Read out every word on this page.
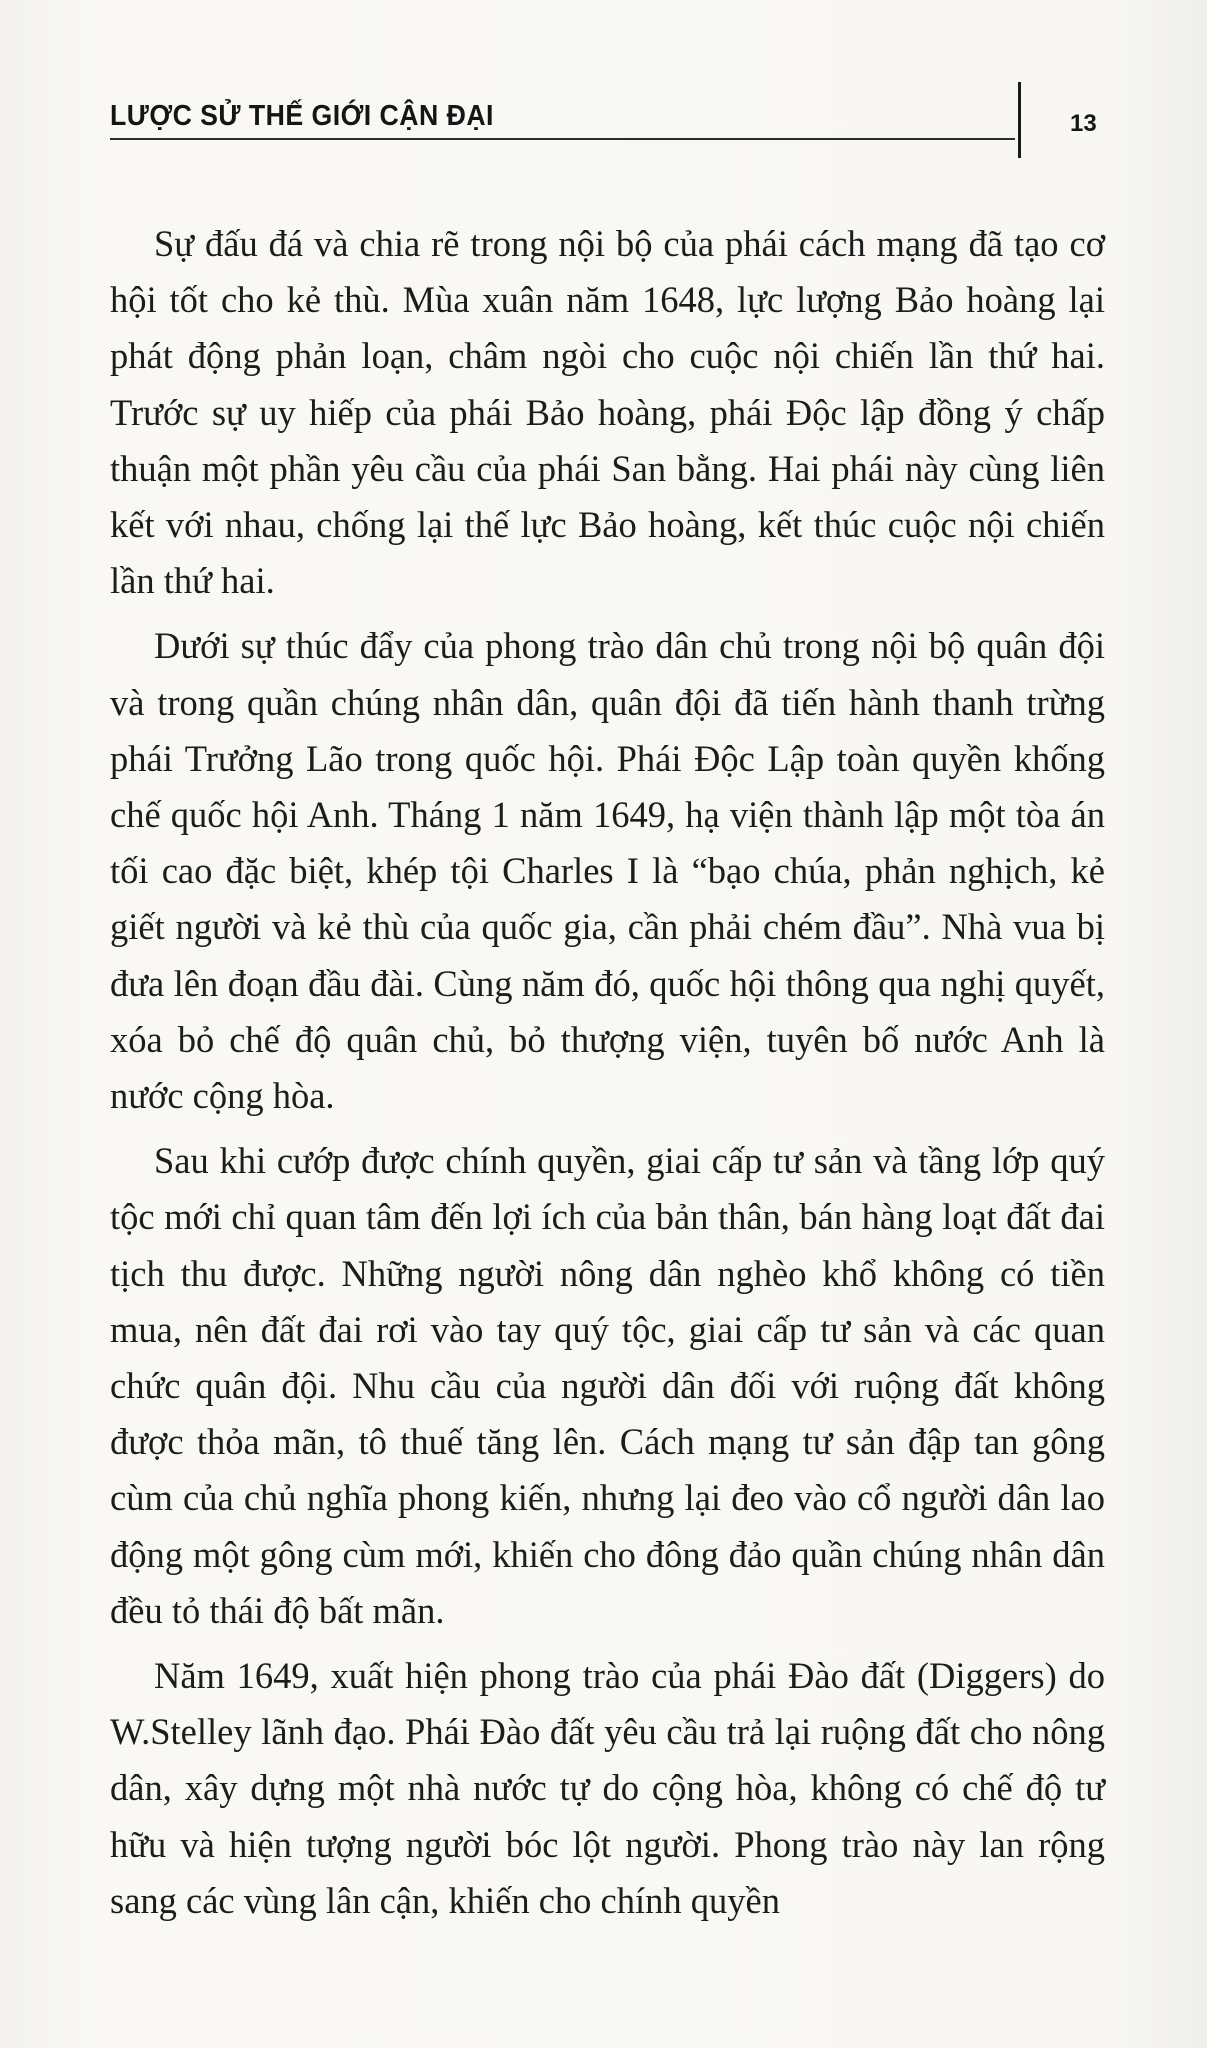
LƯỢC SỬ THẾ GIỚI CẬN ĐẠI	13

Sự đấu đá và chia rẽ trong nội bộ của phái cách mạng đã tạo cơ hội tốt cho kẻ thù. Mùa xuân năm 1648, lực lượng Bảo hoàng lại phát động phản loạn, châm ngòi cho cuộc nội chiến lần thứ hai. Trước sự uy hiếp của phái Bảo hoàng, phái Độc lập đồng ý chấp thuận một phần yêu cầu của phái San bằng. Hai phái này cùng liên kết với nhau, chống lại thế lực Bảo hoàng, kết thúc cuộc nội chiến lần thứ hai.

Dưới sự thúc đẩy của phong trào dân chủ trong nội bộ quân đội và trong quần chúng nhân dân, quân đội đã tiến hành thanh trừng phái Trưởng Lão trong quốc hội. Phái Độc Lập toàn quyền khống chế quốc hội Anh. Tháng 1 năm 1649, hạ viện thành lập một tòa án tối cao đặc biệt, khép tội Charles I là “bạo chúa, phản nghịch, kẻ giết người và kẻ thù của quốc gia, cần phải chém đầu”. Nhà vua bị đưa lên đoạn đầu đài. Cùng năm đó, quốc hội thông qua nghị quyết, xóa bỏ chế độ quân chủ, bỏ thượng viện, tuyên bố nước Anh là nước cộng hòa.

Sau khi cướp được chính quyền, giai cấp tư sản và tầng lớp quý tộc mới chỉ quan tâm đến lợi ích của bản thân, bán hàng loạt đất đai tịch thu được. Những người nông dân nghèo khổ không có tiền mua, nên đất đai rơi vào tay quý tộc, giai cấp tư sản và các quan chức quân đội. Nhu cầu của người dân đối với ruộng đất không được thỏa mãn, tô thuế tăng lên. Cách mạng tư sản đập tan gông cùm của chủ nghĩa phong kiến, nhưng lại đeo vào cổ người dân lao động một gông cùm mới, khiến cho đông đảo quần chúng nhân dân đều tỏ thái độ bất mãn.

Năm 1649, xuất hiện phong trào của phái Đào đất (Diggers) do W.Stelley lãnh đạo. Phái Đào đất yêu cầu trả lại ruộng đất cho nông dân, xây dựng một nhà nước tự do cộng hòa, không có chế độ tư hữu và hiện tượng người bóc lột người. Phong trào này lan rộng sang các vùng lân cận, khiến cho chính quyền
